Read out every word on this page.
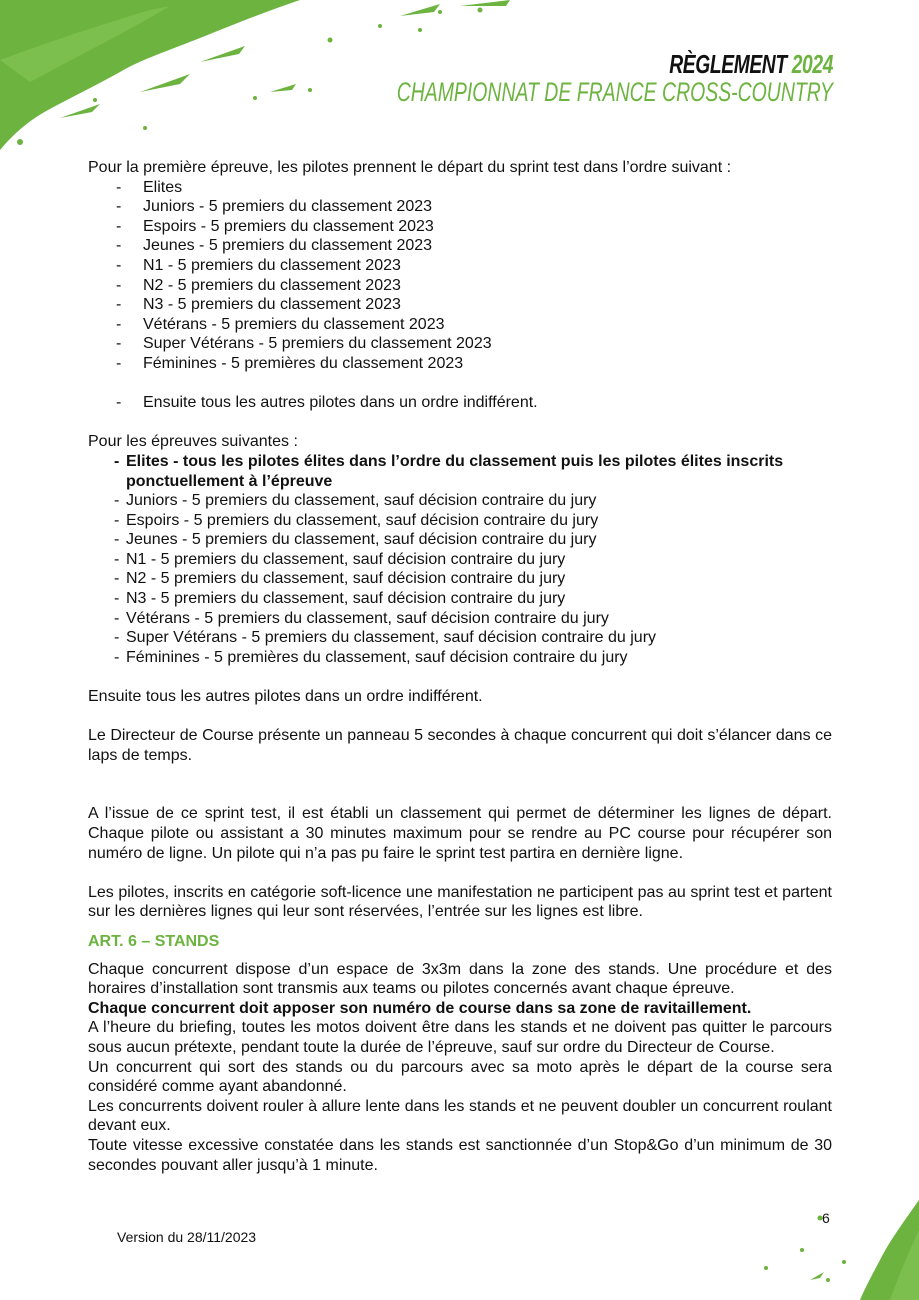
RÈGLEMENT 2024
CHAMPIONNAT DE FRANCE CROSS-COUNTRY

Pour la première épreuve, les pilotes prennent le départ du sprint test dans l’ordre suivant :

- Elites
- Juniors - 5 premiers du classement 2023
- Espoirs - 5 premiers du classement 2023
- Jeunes - 5 premiers du classement 2023
- N1 - 5 premiers du classement 2023
- N2 - 5 premiers du classement 2023
- N3 - 5 premiers du classement 2023
- Vétérans - 5 premiers du classement 2023
- Super Vétérans - 5 premiers du classement 2023
- Féminines - 5 premières du classement 2023
- Ensuite tous les autres pilotes dans un ordre indifférent.

Pour les épreuves suivantes :

- Elites - tous les pilotes élites dans l’ordre du classement puis les pilotes élites inscrits ponctuellement à l’épreuve
- Juniors - 5 premiers du classement, sauf décision contraire du jury
- Espoirs - 5 premiers du classement, sauf décision contraire du jury
- Jeunes - 5 premiers du classement, sauf décision contraire du jury
- N1 - 5 premiers du classement, sauf décision contraire du jury
- N2 - 5 premiers du classement, sauf décision contraire du jury
- N3 - 5 premiers du classement, sauf décision contraire du jury
- Vétérans - 5 premiers du classement, sauf décision contraire du jury
- Super Vétérans - 5 premiers du classement, sauf décision contraire du jury
- Féminines - 5 premières du classement, sauf décision contraire du jury

Ensuite tous les autres pilotes dans un ordre indifférent.

Le Directeur de Course présente un panneau 5 secondes à chaque concurrent qui doit s’élancer dans ce laps de temps.

A l’issue de ce sprint test, il est établi un classement qui permet de déterminer les lignes de départ. Chaque pilote ou assistant a 30 minutes maximum pour se rendre au PC course pour récupérer son numéro de ligne. Un pilote qui n’a pas pu faire le sprint test partira en dernière ligne.

Les pilotes, inscrits en catégorie soft-licence une manifestation ne participent pas au sprint test et partent sur les dernières lignes qui leur sont réservées, l’entrée sur les lignes est libre.

ART. 6 – STANDS

Chaque concurrent dispose d’un espace de 3x3m dans la zone des stands. Une procédure et des horaires d’installation sont transmis aux teams ou pilotes concernés avant chaque épreuve.

Chaque concurrent doit apposer son numéro de course dans sa zone de ravitaillement.

A l’heure du briefing, toutes les motos doivent être dans les stands et ne doivent pas quitter le parcours sous aucun prétexte, pendant toute la durée de l’épreuve, sauf sur ordre du Directeur de Course.

Un concurrent qui sort des stands ou du parcours avec sa moto après le départ de la course sera considéré comme ayant abandonné.

Les concurrents doivent rouler à allure lente dans les stands et ne peuvent doubler un concurrent roulant devant eux.

Toute vitesse excessive constatée dans les stands est sanctionnée d’un Stop&Go d’un minimum de 30 secondes pouvant aller jusqu’à 1 minute.

6
Version du 28/11/2023
